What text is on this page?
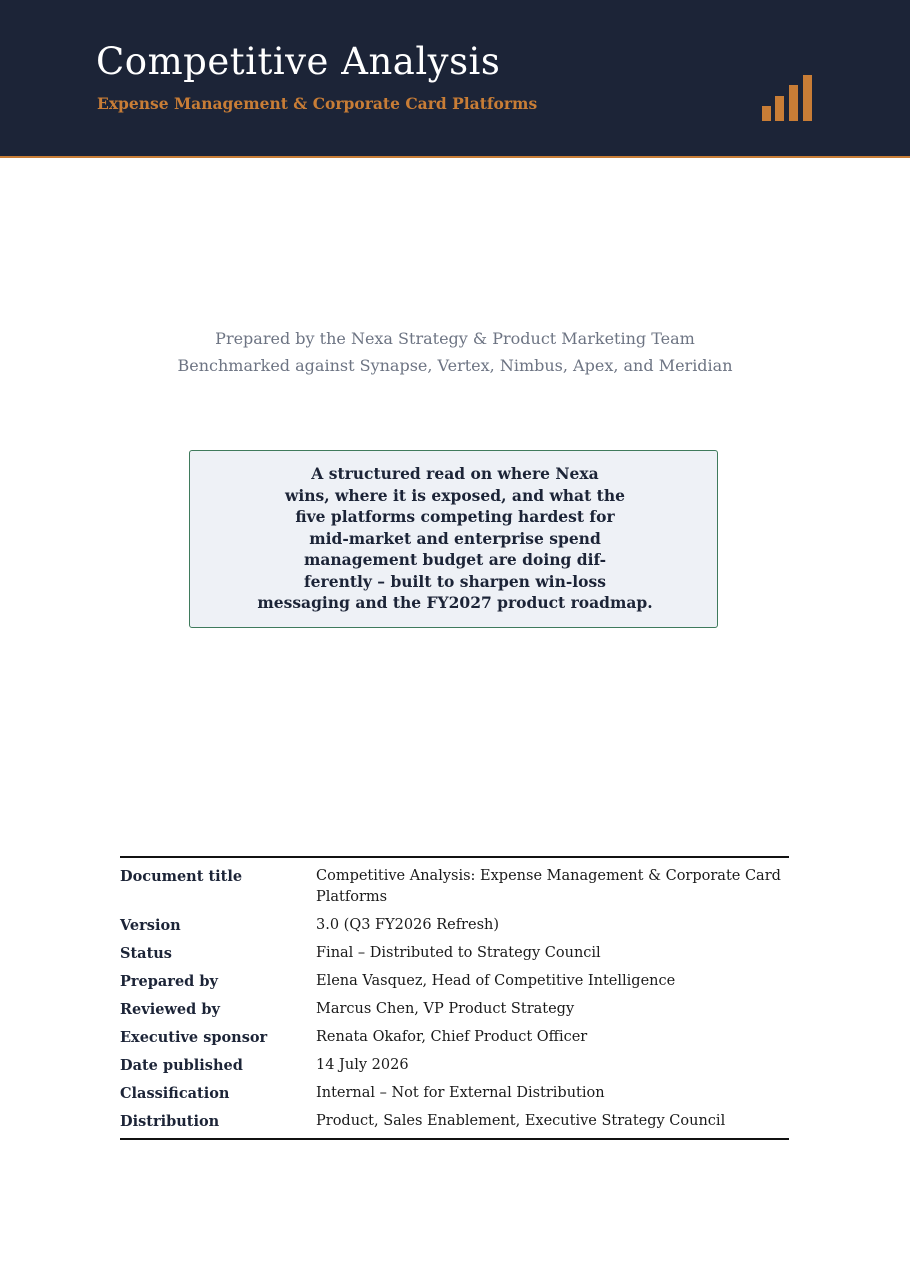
Competitive Analysis
Expense Management & Corporate Card Platforms
Prepared by the Nexa Strategy & Product Marketing Team
Benchmarked against Synapse, Vertex, Nimbus, Apex, and Meridian
A structured read on where Nexa
wins, where it is exposed, and what the
five platforms competing hardest for
mid-market and enterprise spend
management budget are doing dif-
ferently – built to sharpen win-loss
messaging and the FY2027 product roadmap.
Document title	Competitive Analysis: Expense Management & Corporate Card Platforms
Version	3.0 (Q3 FY2026 Refresh)
Status	Final – Distributed to Strategy Council
Prepared by	Elena Vasquez, Head of Competitive Intelligence
Reviewed by	Marcus Chen, VP Product Strategy
Executive sponsor	Renata Okafor, Chief Product Officer
Date published	14 July 2026
Classification	Internal – Not for External Distribution
Distribution	Product, Sales Enablement, Executive Strategy Council
